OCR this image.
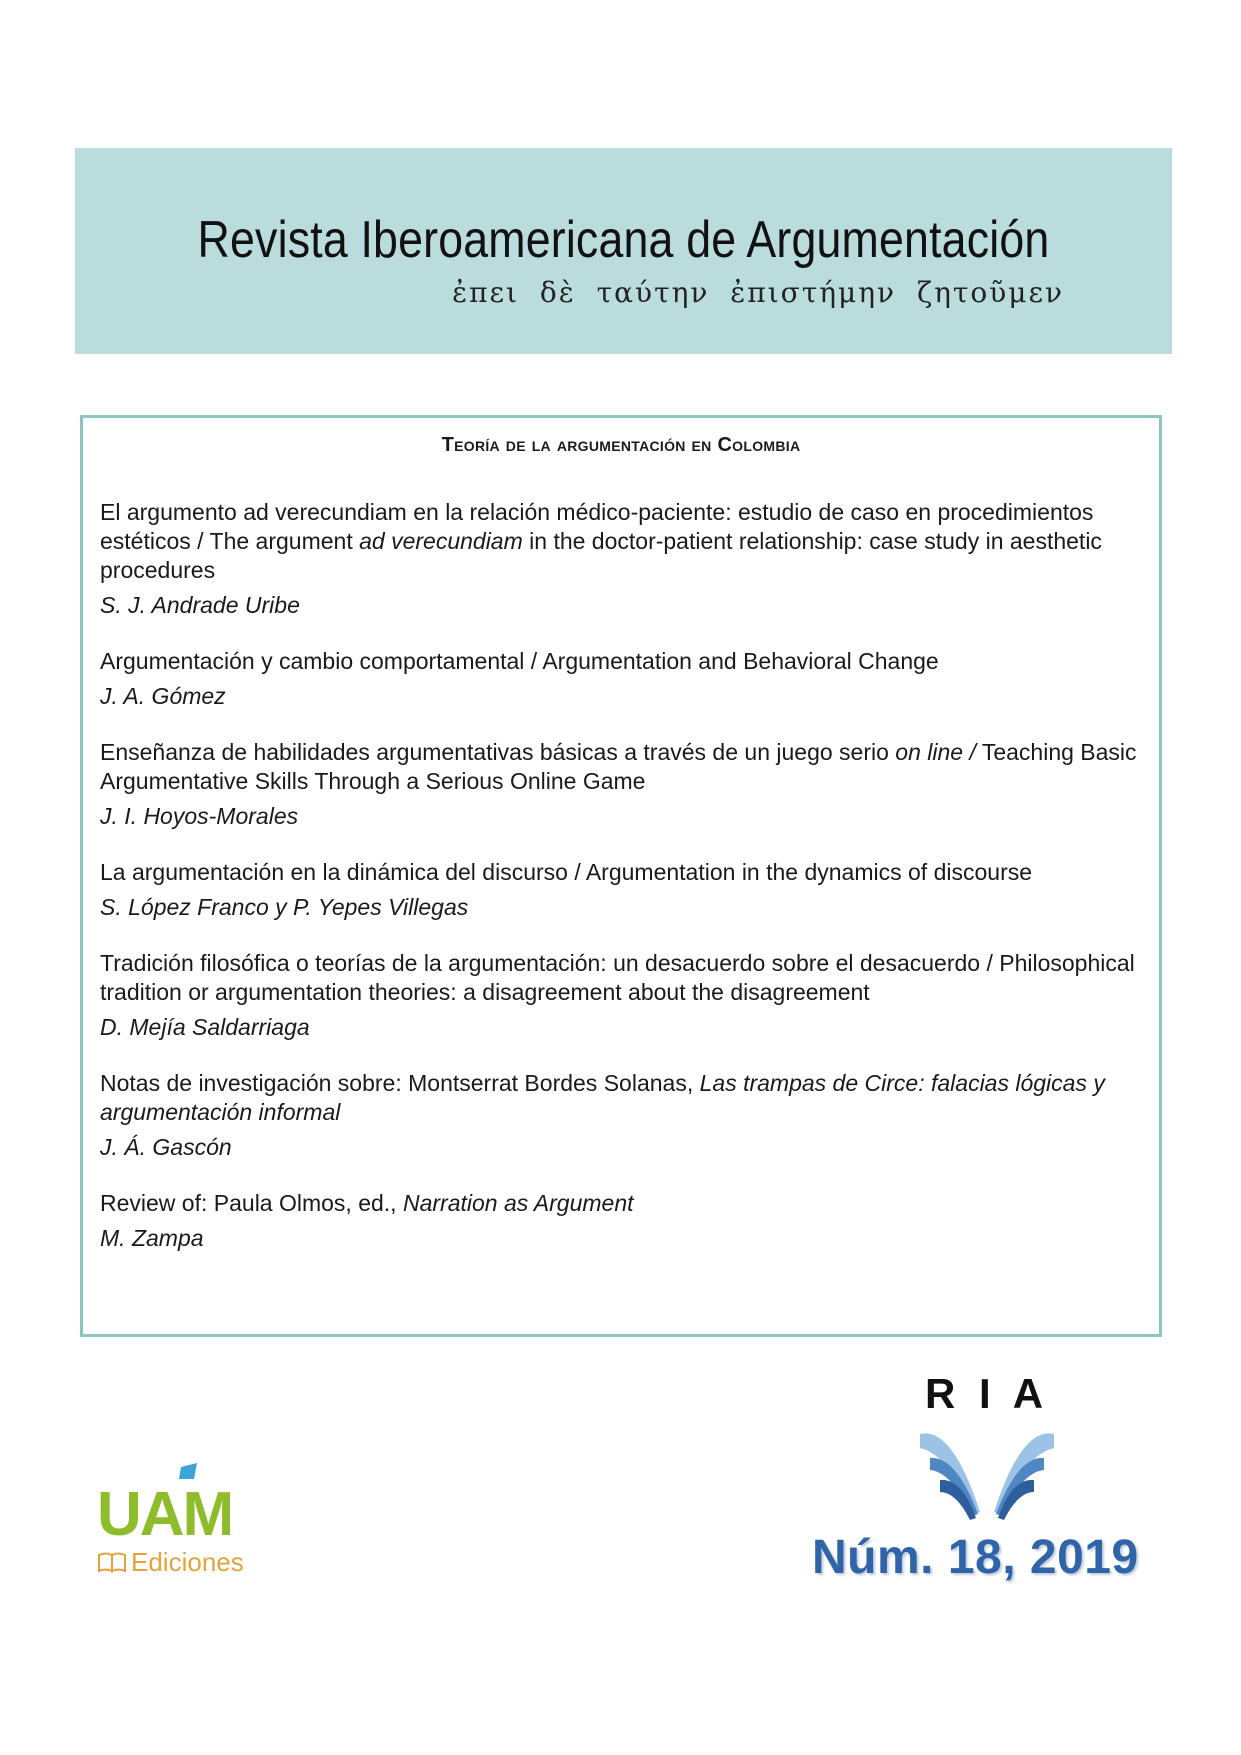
Revista Iberoamericana de Argumentación
ἐπει δὲ ταύτην ἐπιστήμην ζητοῦμεν
Teoría de la argumentación en Colombia
El argumento ad verecundiam en la relación médico-paciente: estudio de caso en procedimientos estéticos / The argument ad verecundiam in the doctor-patient relationship: case study in aesthetic procedures
S. J. Andrade Uribe
Argumentación y cambio comportamental / Argumentation and Behavioral Change
J. A. Gómez
Enseñanza de habilidades argumentativas básicas a través de un juego serio on line / Teaching Basic Argumentative Skills Through a Serious Online Game
J. I. Hoyos-Morales
La argumentación en la dinámica del discurso / Argumentation in the dynamics of discourse
S. López Franco y P. Yepes Villegas
Tradición filosófica o teorías de la argumentación: un desacuerdo sobre el desacuerdo / Philosophical tradition or argumentation theories: a disagreement about the disagreement
D. Mejía Saldarriaga
Notas de investigación sobre: Montserrat Bordes Solanas, Las trampas de Circe: falacias lógicas y argumentación informal
J. Á. Gascón
Review of: Paula Olmos, ed., Narration as Argument
M. Zampa
UAM
Ediciones
R I A
Núm. 18, 2019
